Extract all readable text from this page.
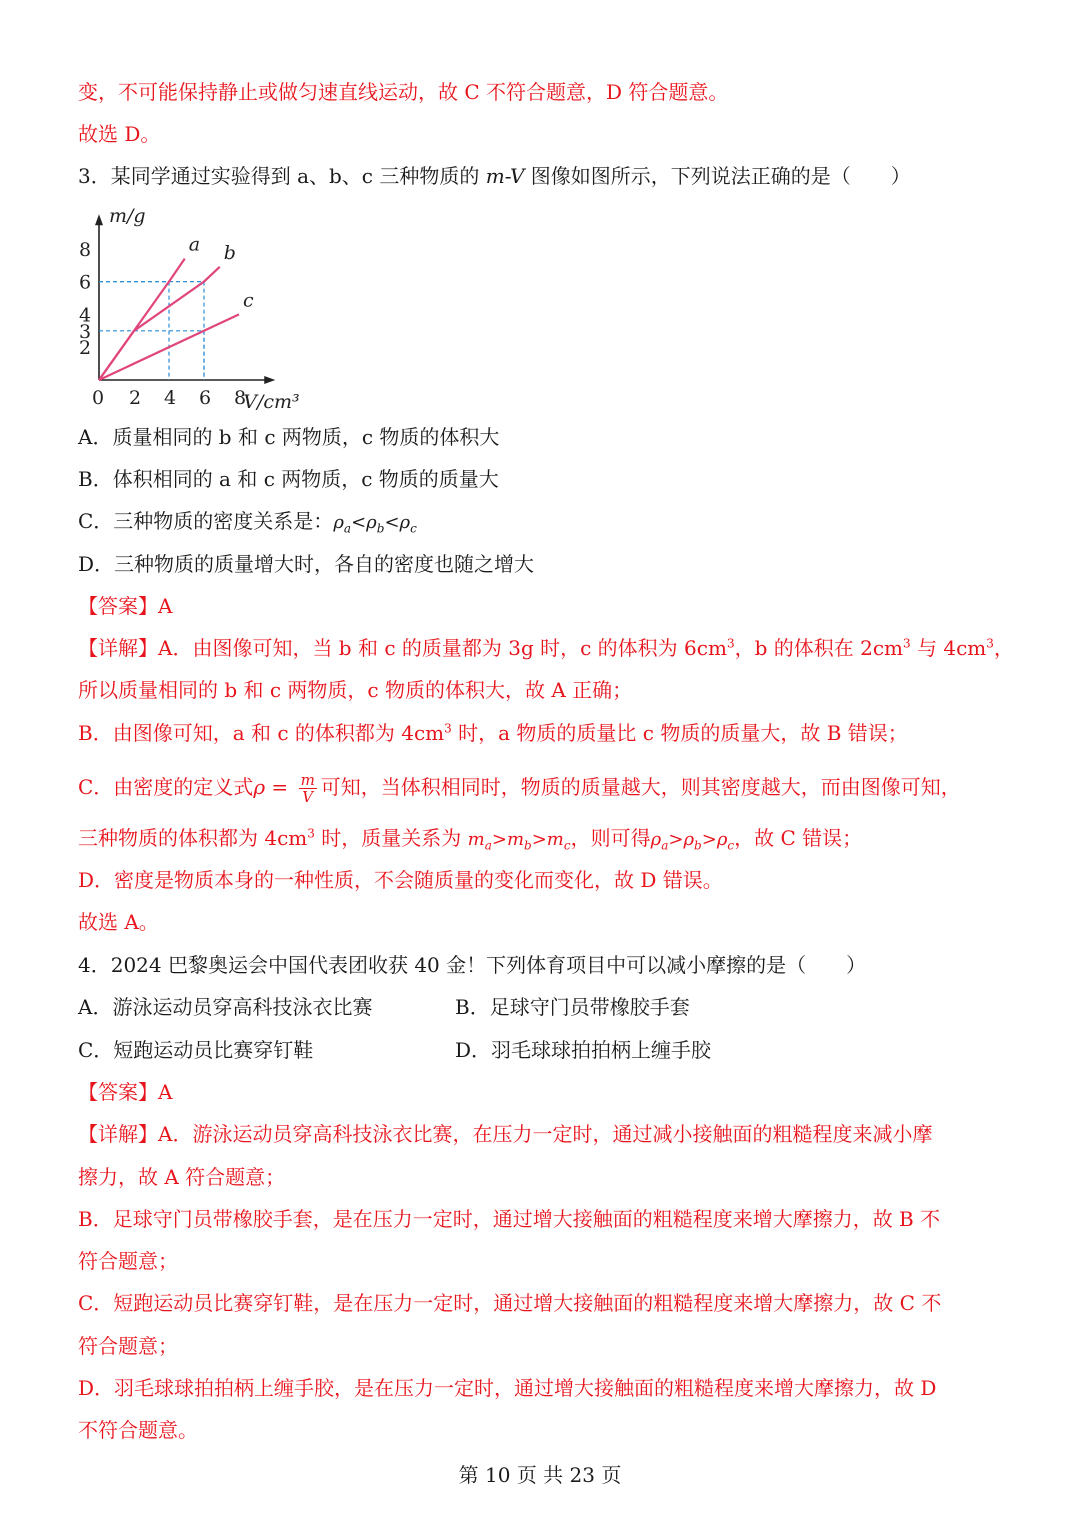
变，不可能保持静止或做匀速直线运动，故 C 不符合题意，D 符合题意。
故选 D。
3．某同学通过实验得到 a、b、c 三种物质的 m-V 图像如图所示，下列说法正确的是（　　）
a b
c
0 2 4 6 8
2
3
4
6
8
m/g
V/cm³
A．质量相同的 b 和 c 两物质，c 物质的体积大
B．体积相同的 a 和 c 两物质，c 物质的质量大
C．三种物质的密度关系是：$\rho_a<\rho_b<\rho_c$
D．三种物质的质量增大时，各自的密度也随之增大
【答案】A
【详解】A．由图像可知，当 b 和 c 的质量都为 3g 时，c 的体积为 $6cm^3$，b 的体积在 $2cm^3$ 与 $4cm^3$，
所以质量相同的 b 和 c 两物质，c 物质的体积大，故 A 正确；
B．由图像可知，a 和 c 的体积都为 $4cm^3$ 时，a 物质的质量比 c 物质的质量大，故 B 错误；
C．由密度的定义式$\rho = \frac{m}{V}$ 可知，当体积相同时，物质的质量越大，则其密度越大，而由图像可知，
三种物质的体积都为 $4cm^3$ 时，质量关系为 $m_a>m_b>m_c$，则可得$\rho_a>\rho_b>\rho_c$，故 C 错误；
D．密度是物质本身的一种性质，不会随质量的变化而变化，故 D 错误。
故选 A。
4．2024 巴黎奥运会中国代表团收获 40 金！下列体育项目中可以减小摩擦的是（　　）
A．游泳运动员穿高科技泳衣比赛	B．足球守门员带橡胶手套
C．短跑运动员比赛穿钉鞋	D．羽毛球球拍拍柄上缠手胶
【答案】A
【详解】A．游泳运动员穿高科技泳衣比赛，在压力一定时，通过减小接触面的粗糙程度来减小摩
擦力，故 A 符合题意；
B．足球守门员带橡胶手套，是在压力一定时，通过增大接触面的粗糙程度来增大摩擦力，故 B 不
符合题意；
C．短跑运动员比赛穿钉鞋，是在压力一定时，通过增大接触面的粗糙程度来增大摩擦力，故 C 不
符合题意；
D．羽毛球球拍拍柄上缠手胶，是在压力一定时，通过增大接触面的粗糙程度来增大摩擦力，故 D
不符合题意。
第 10 页 共 23 页
